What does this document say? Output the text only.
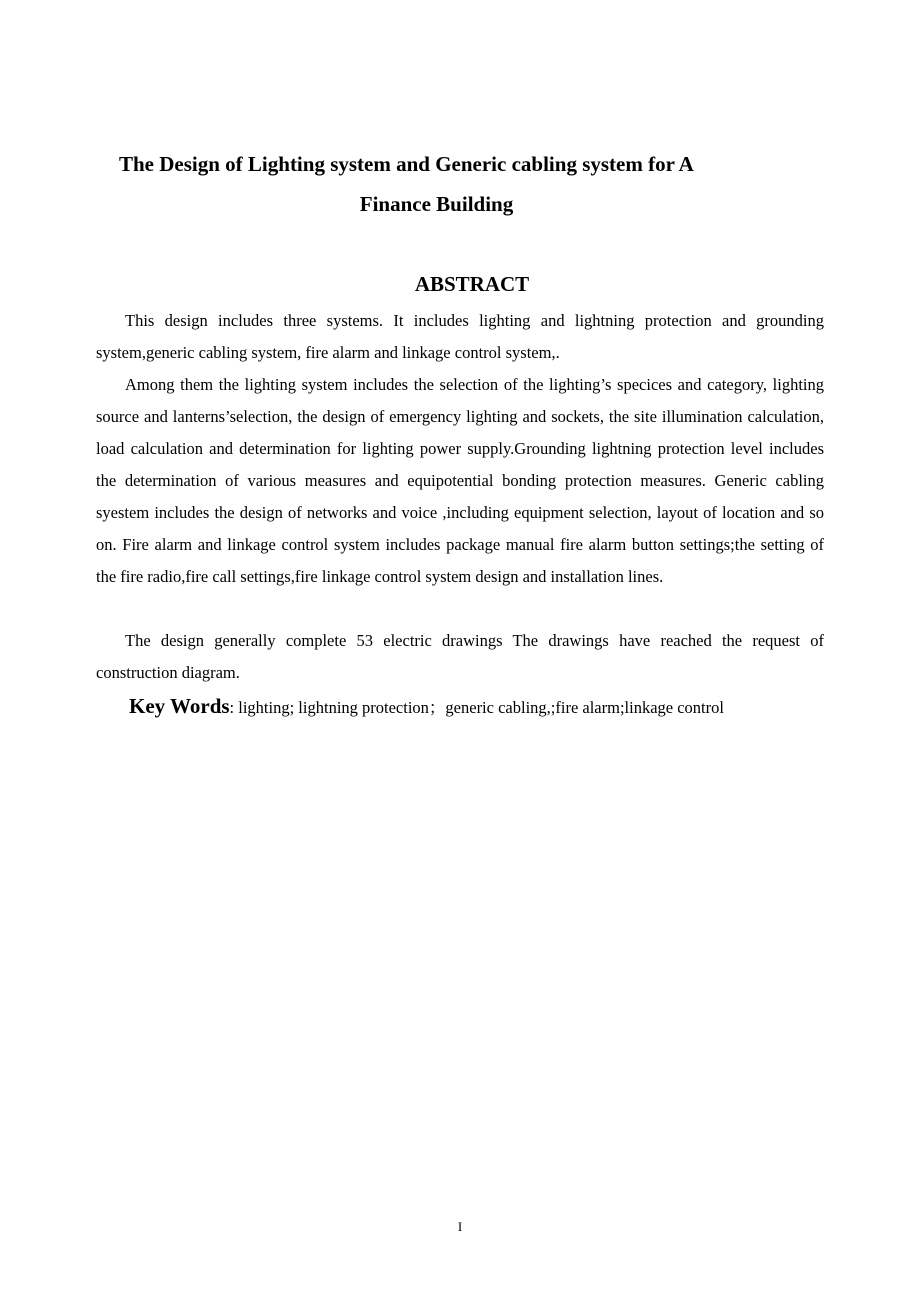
The Design of Lighting system and Generic cabling system for A
Finance Building
ABSTRACT

This design includes three systems. It includes lighting and lightning protection and grounding system,generic cabling system, fire alarm and linkage control system,.

Among them the lighting system includes the selection of the lighting’s specices and category, lighting source and lanterns’selection, the design of emergency lighting and sockets, the site illumination calculation, load calculation and determination for lighting power supply.Grounding lightning protection level includes the determination of various measures and equipotential bonding protection measures. Generic cabling syestem includes the design of networks and voice ,including equipment selection, layout of location and so on. Fire alarm and linkage control system includes package manual fire alarm button settings;the setting of the fire radio,fire call settings,fire linkage control system design and installation lines.

The design generally complete 53 electric drawings The drawings have reached the request of construction diagram.

Key Words: lighting; lightning protection；generic cabling,;fire alarm;linkage control
I
